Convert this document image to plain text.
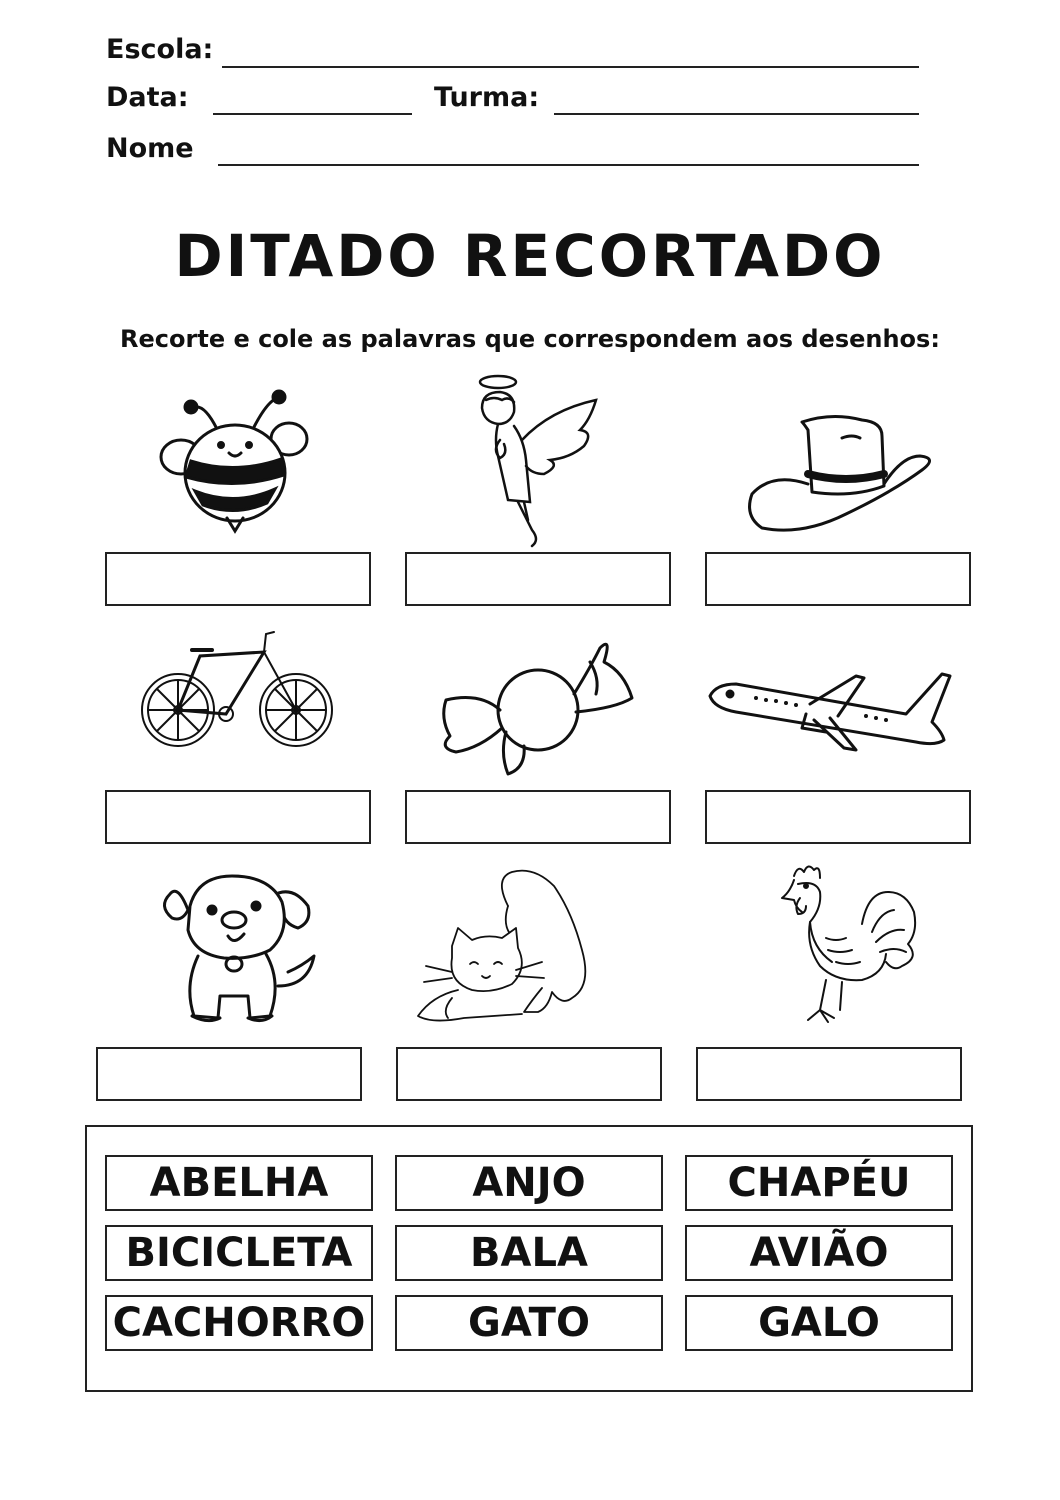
Escola:
Data:	Turma:
Nome
DITADO RECORTADO
Recorte e cole as palavras que correspondem aos desenhos:
ABELHA	ANJO	CHAPÉU
BICICLETA	BALA	AVIÃO
CACHORRO	GATO	GALO
